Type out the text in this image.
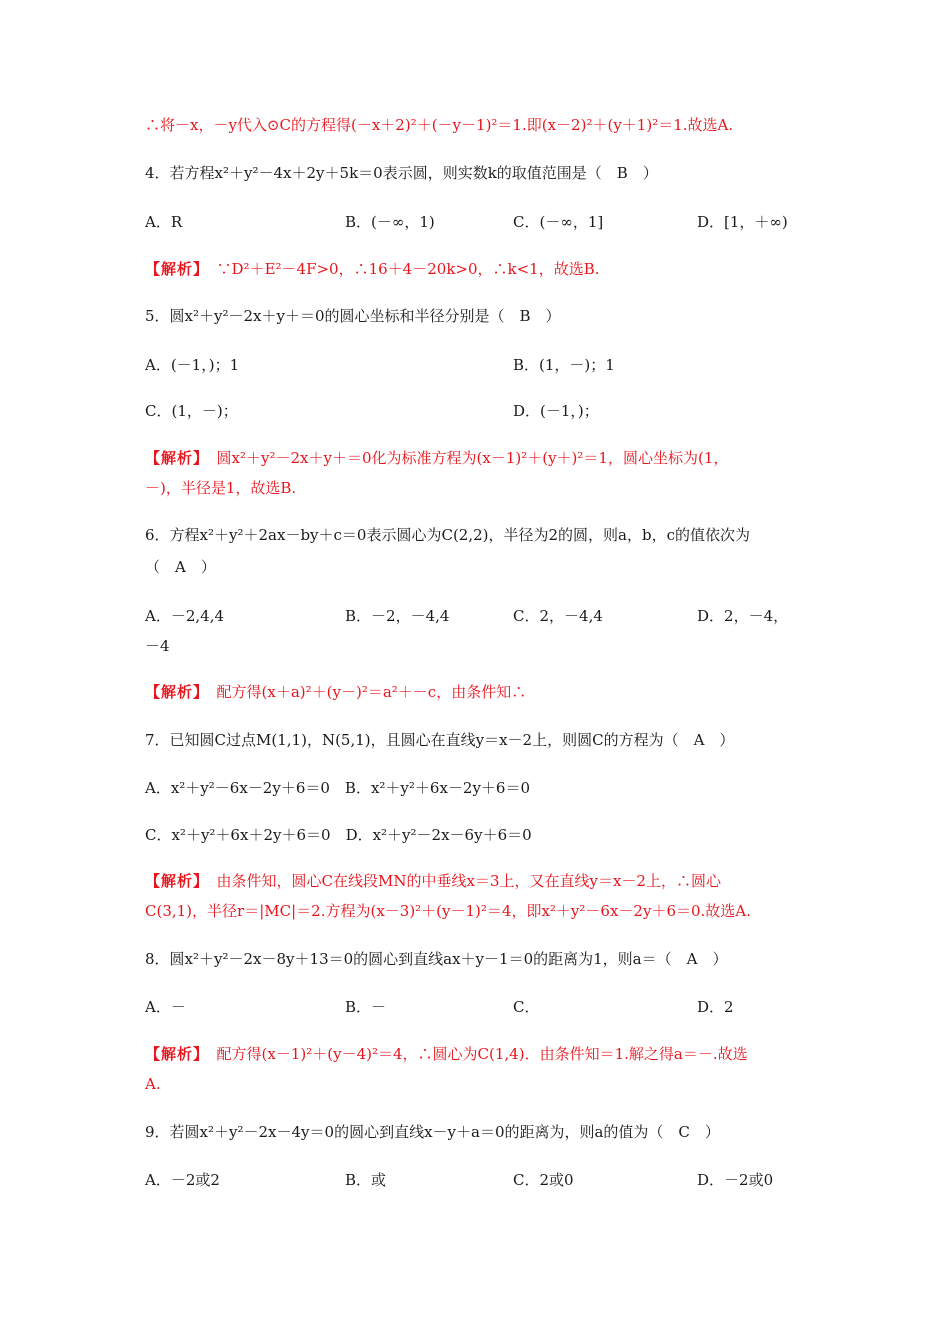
∴将－x，－y代入⊙C的方程得(－x＋2)²＋(－y－1)²＝1.即(x－2)²＋(y＋1)²＝1.故选A.
4．若方程x²＋y²－4x＋2y＋5k＝0表示圆，则实数k的取值范围是（　B　）
A．R	B．(－∞，1)	C．(－∞，1]	D．[1，＋∞)
【解析】　 ∵D²＋E²－4F>0，∴16＋4－20k>0，∴k<1，故选B.
5．圆x²＋y²－2x＋y＋＝0的圆心坐标和半径分别是（　B　）
A．(－1，)；1	B．(1，－)；1
C．(1，－)；	D．(－1，)；
【解析】　 圆x²＋y²－2x＋y＋＝0化为标准方程为(x－1)²＋(y＋)²＝1，圆心坐标为(1，
－)，半径是1，故选B.
6．方程x²＋y²＋2ax－by＋c＝0表示圆心为C(2,2)，半径为2的圆，则a，b，c的值依次为
（　A　）
A．－2,4,4	B．－2，－4,4	C．2，－4,4	D．2，－4，
－4
【解析】　 配方得(x＋a)²＋(y－)²＝a²＋－c，由条件知∴
7．已知圆C过点M(1,1)，N(5,1)，且圆心在直线y＝x－2上，则圆C的方程为（　A　）
A．x²＋y²－6x－2y＋6＝0　 B．x²＋y²＋6x－2y＋6＝0
C．x²＋y²＋6x＋2y＋6＝0　 D．x²＋y²－2x－6y＋6＝0
【解析】　 由条件知，圆心C在线段MN的中垂线x＝3上，又在直线y＝x－2上，∴圆心
C(3,1)，半径r＝|MC|＝2.方程为(x－3)²＋(y－1)²＝4，即x²＋y²－6x－2y＋6＝0.故选A.
8．圆x²＋y²－2x－8y＋13＝0的圆心到直线ax＋y－1＝0的距离为1，则a＝（　A　）
A．－	B．－	C．	D．2
【解析】　 配方得(x－1)²＋(y－4)²＝4，∴圆心为C(1,4)．由条件知＝1.解之得a＝－.故选
A.
9．若圆x²＋y²－2x－4y＝0的圆心到直线x－y＋a＝0的距离为，则a的值为（　C　）
A．－2或2	B．或	C．2或0	D．－2或0
